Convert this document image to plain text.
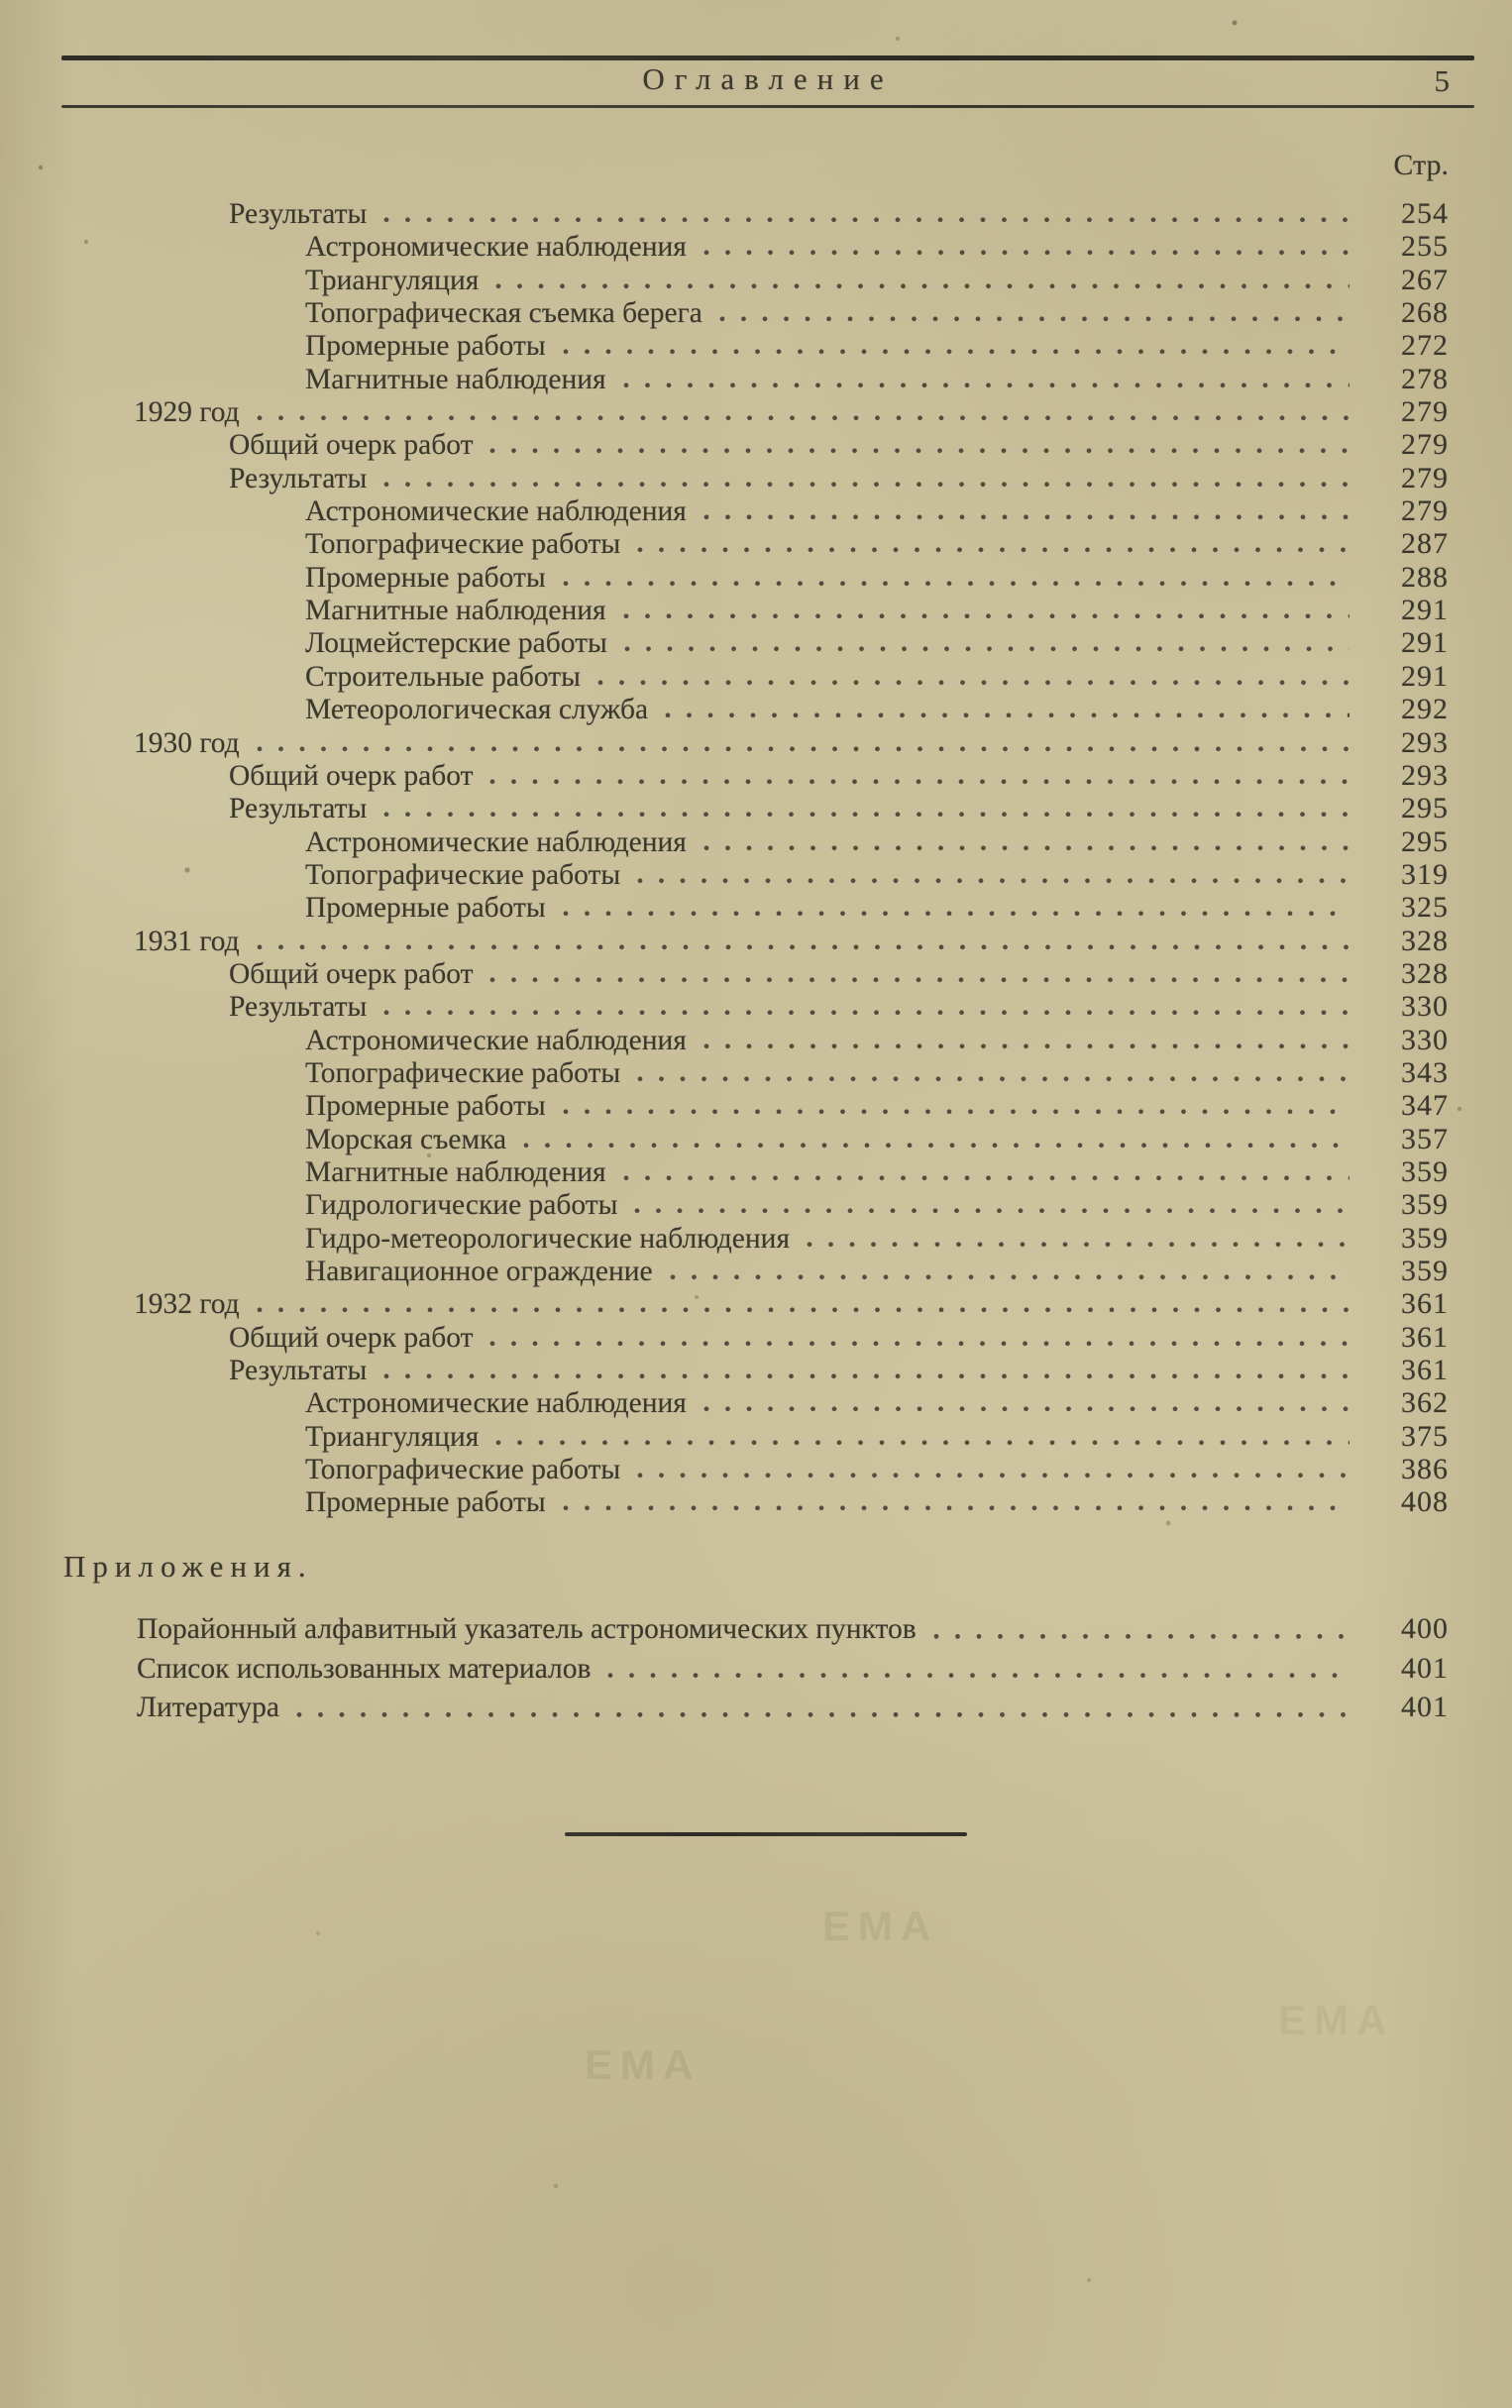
Оглавление	5
Стр.
Результаты	254
Астрономические наблюдения	255
Триангуляция	267
Топографическая съемка берега	268
Промерные работы	272
Магнитные наблюдения	278
1929 год	279
Общий очерк работ	279
Результаты	279
Астрономические наблюдения	279
Топографические работы	287
Промерные работы	288
Магнитные наблюдения	291
Лоцмейстерские работы	291
Строительные работы	291
Метеорологическая служба	292
1930 год	293
Общий очерк работ	293
Результаты	295
Астрономические наблюдения	295
Топографические работы	319
Промерные работы	325
1931 год	328
Общий очерк работ	328
Результаты	330
Астрономические наблюдения	330
Топографические работы	343
Промерные работы	347
Морская съемка	357
Магнитные наблюдения	359
Гидрологические работы	359
Гидро-метеорологические наблюдения	359
Навигационное ограждение	359
1932 год	361
Общий очерк работ	361
Результаты	361
Астрономические наблюдения	362
Триангуляция	375
Топографические работы	386
Промерные работы	408
Приложения.
Порайонный алфавитный указатель астрономических пунктов	400
Список использованных материалов	401
Литература	401
ЕМА
ЕМА
ЕМА
